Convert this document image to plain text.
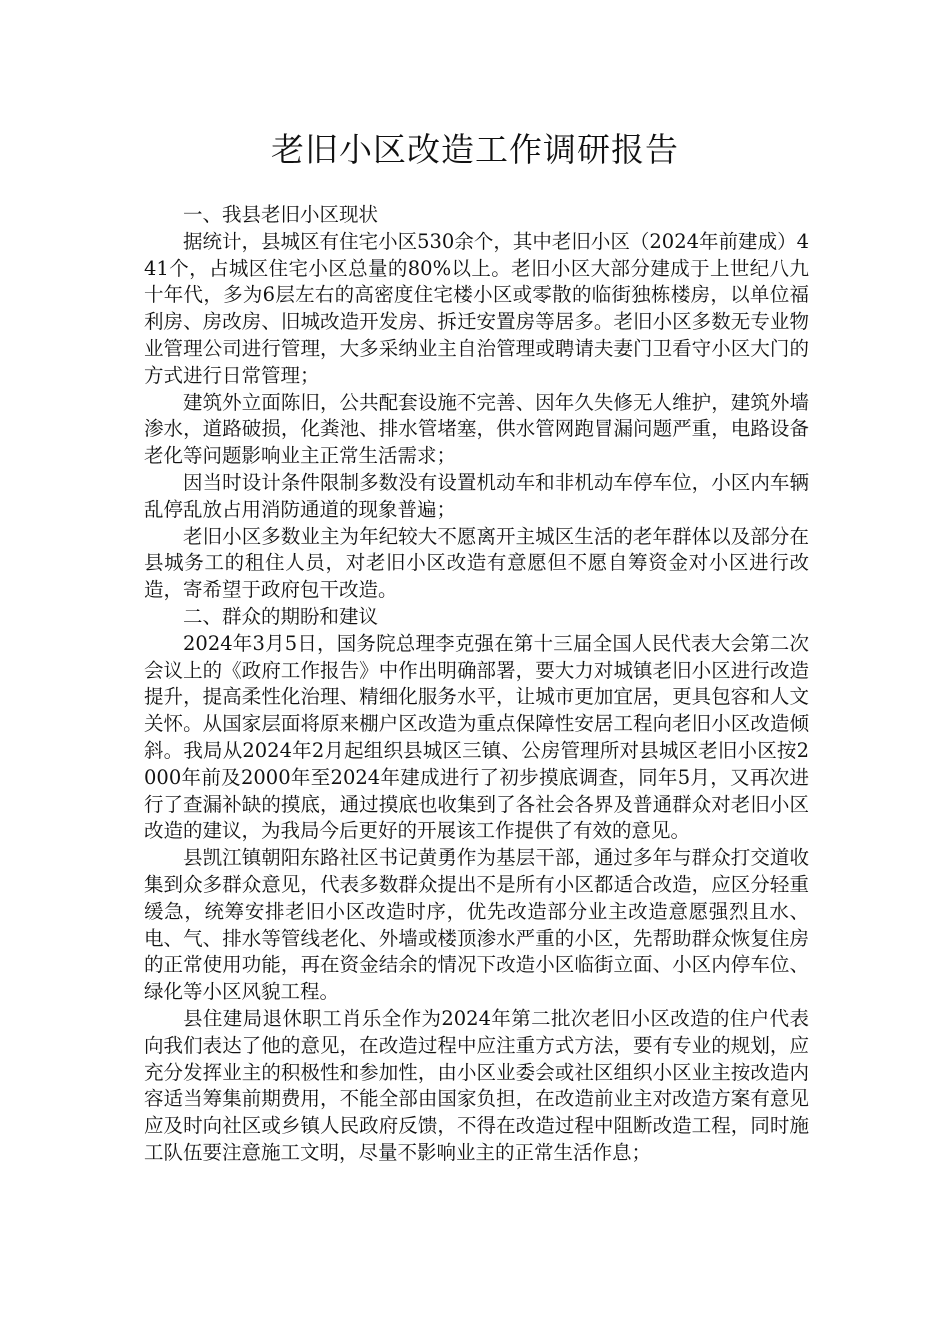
老旧小区改造工作调研报告

一、我县老旧小区现状

据统计，县城区有住宅小区530余个，其中老旧小区（2024年前建成）441个，占城区住宅小区总量的80%以上。老旧小区大部分建成于上世纪八九十年代，多为6层左右的高密度住宅楼小区或零散的临街独栋楼房，以单位福利房、房改房、旧城改造开发房、拆迁安置房等居多。老旧小区多数无专业物业管理公司进行管理，大多采纳业主自治管理或聘请夫妻门卫看守小区大门的方式进行日常管理；

建筑外立面陈旧，公共配套设施不完善、因年久失修无人维护，建筑外墙渗水，道路破损，化粪池、排水管堵塞，供水管网跑冒漏问题严重，电路设备老化等问题影响业主正常生活需求；

因当时设计条件限制多数没有设置机动车和非机动车停车位，小区内车辆乱停乱放占用消防通道的现象普遍；

老旧小区多数业主为年纪较大不愿离开主城区生活的老年群体以及部分在县城务工的租住人员，对老旧小区改造有意愿但不愿自筹资金对小区进行改造，寄希望于政府包干改造。

二、群众的期盼和建议

2024年3月5日，国务院总理李克强在第十三届全国人民代表大会第二次会议上的《政府工作报告》中作出明确部署，要大力对城镇老旧小区进行改造提升，提高柔性化治理、精细化服务水平，让城市更加宜居，更具包容和人文关怀。从国家层面将原来棚户区改造为重点保障性安居工程向老旧小区改造倾斜。我局从2024年2月起组织县城区三镇、公房管理所对县城区老旧小区按2000年前及2000年至2024年建成进行了初步摸底调查，同年5月，又再次进行了查漏补缺的摸底，通过摸底也收集到了各社会各界及普通群众对老旧小区改造的建议，为我局今后更好的开展该工作提供了有效的意见。

县凯江镇朝阳东路社区书记黄勇作为基层干部，通过多年与群众打交道收集到众多群众意见，代表多数群众提出不是所有小区都适合改造，应区分轻重缓急，统筹安排老旧小区改造时序，优先改造部分业主改造意愿强烈且水、电、气、排水等管线老化、外墙或楼顶渗水严重的小区，先帮助群众恢复住房的正常使用功能，再在资金结余的情况下改造小区临街立面、小区内停车位、绿化等小区风貌工程。

县住建局退休职工肖乐全作为2024年第二批次老旧小区改造的住户代表向我们表达了他的意见，在改造过程中应注重方式方法，要有专业的规划，应充分发挥业主的积极性和参加性，由小区业委会或社区组织小区业主按改造内容适当筹集前期费用，不能全部由国家负担，在改造前业主对改造方案有意见应及时向社区或乡镇人民政府反馈，不得在改造过程中阻断改造工程，同时施工队伍要注意施工文明，尽量不影响业主的正常生活作息；
